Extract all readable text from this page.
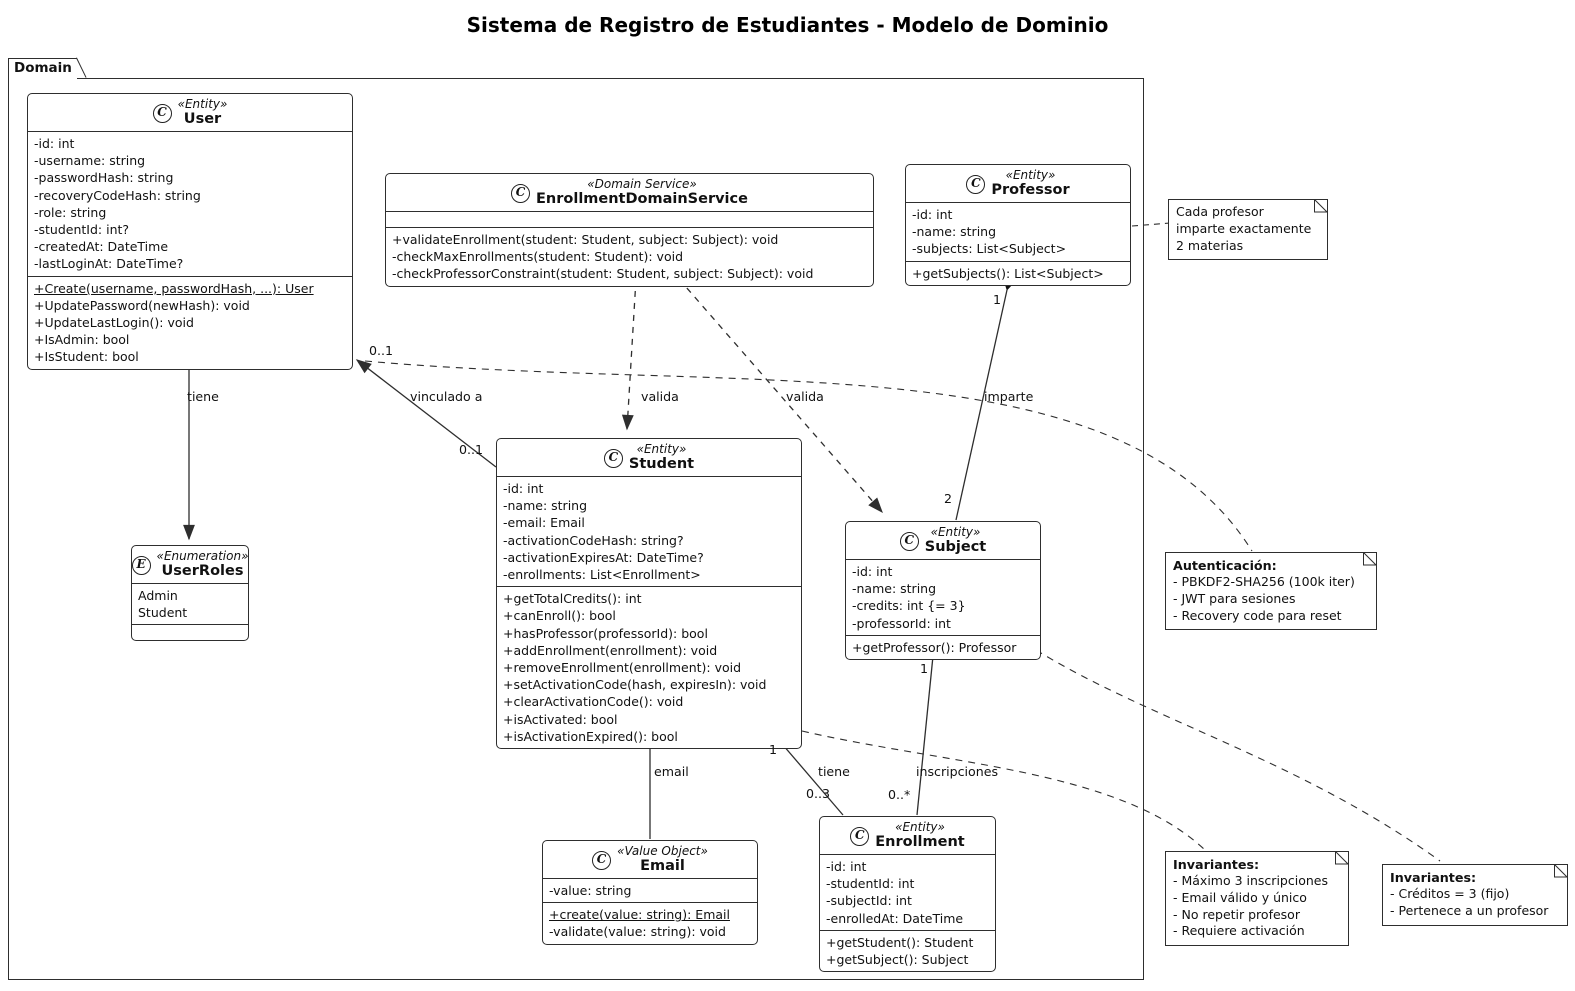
Sistema de Registro de Estudiantes - Modelo de Dominio
Domain
C
«Entity»
User
-id: int
-username: string
-passwordHash: string
-recoveryCodeHash: string
-role: string
-studentId: int?
-createdAt: DateTime
-lastLoginAt: DateTime?
+Create(username, passwordHash, ...): User
+UpdatePassword(newHash): void
+UpdateLastLogin(): void
+IsAdmin: bool
+IsStudent: bool
C
«Domain Service»
EnrollmentDomainService
+validateEnrollment(student: Student, subject: Subject): void
-checkMaxEnrollments(student: Student): void
-checkProfessorConstraint(student: Student, subject: Subject): void
C
«Entity»
Professor
-id: int
-name: string
-subjects: List<Subject>
+getSubjects(): List<Subject>
E
«Enumeration»
UserRoles
Admin
Student
C
«Entity»
Student
-id: int
-name: string
-email: Email
-activationCodeHash: string?
-activationExpiresAt: DateTime?
-enrollments: List<Enrollment>
+getTotalCredits(): int
+canEnroll(): bool
+hasProfessor(professorId): bool
+addEnrollment(enrollment): void
+removeEnrollment(enrollment): void
+setActivationCode(hash, expiresIn): void
+clearActivationCode(): void
+isActivated: bool
+isActivationExpired(): bool
C
«Entity»
Subject
-id: int
-name: string
-credits: int {= 3}
-professorId: int
+getProfessor(): Professor
C
«Value Object»
Email
-value: string
+create(value: string): Email
-validate(value: string): void
C
«Entity»
Enrollment
-id: int
-studentId: int
-subjectId: int
-enrolledAt: DateTime
+getStudent(): Student
+getSubject(): Subject
Cada profesor
imparte exactamente
2 materias
Autenticación:
- PBKDF2-SHA256 (100k iter)
- JWT para sesiones
- Recovery code para reset
Invariantes:
- Máximo 3 inscripciones
- Email válido y único
- No repetir profesor
- Requiere activación
Invariantes:
- Créditos = 3 (fijo)
- Pertenece a un profesor
tiene	vinculado a
0..1
0..1
valida	valida	imparte
1
2
email	tiene
1
0..3
inscripciones
1
0..*
